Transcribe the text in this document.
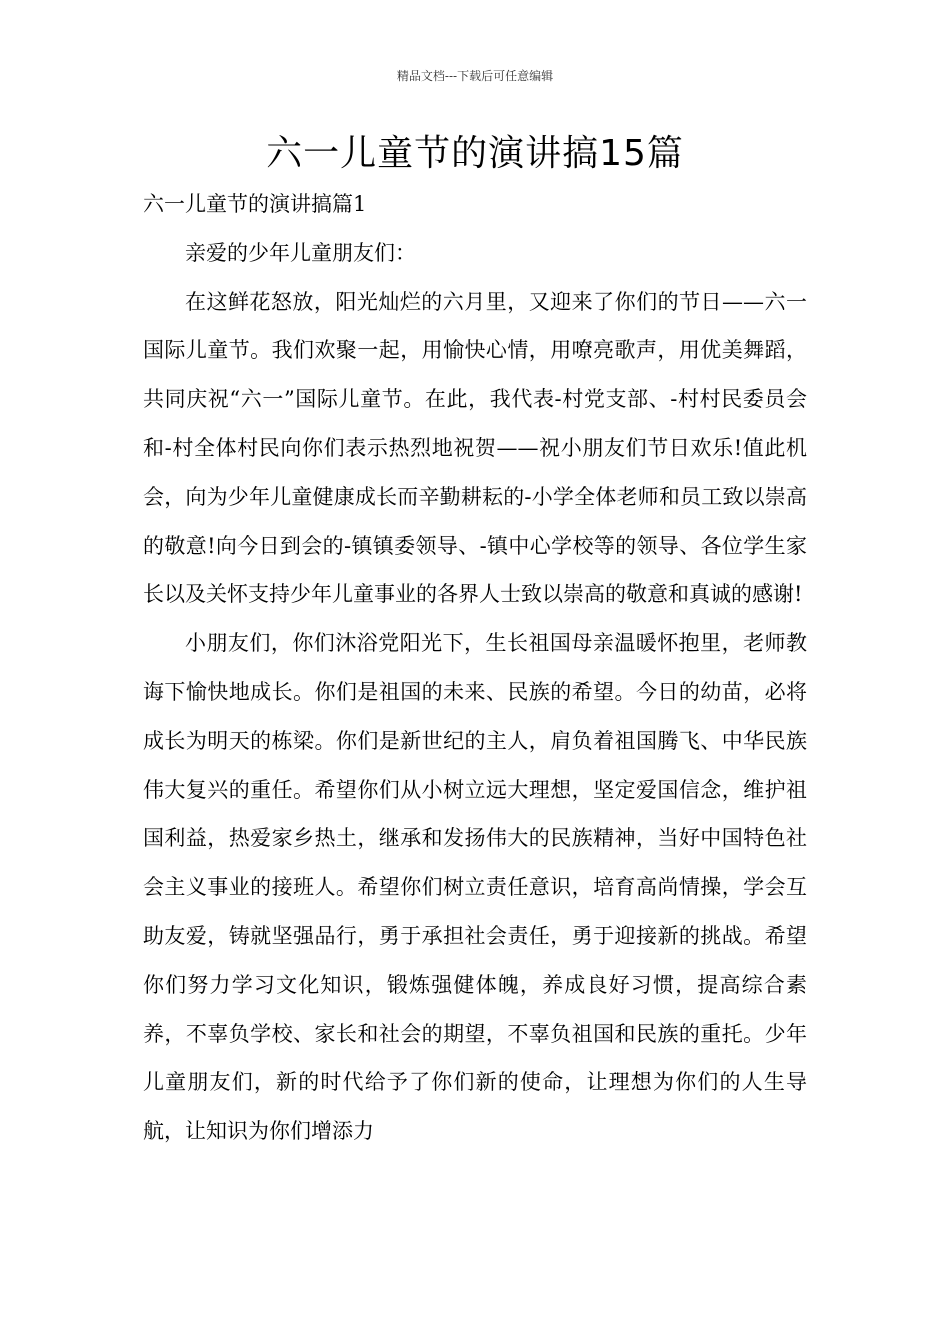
精品文档---下载后可任意编辑
六一儿童节的演讲搞15篇
六一儿童节的演讲搞篇1

亲爱的少年儿童朋友们：

在这鲜花怒放，阳光灿烂的六月里，又迎来了你们的节日——六一国际儿童节。我们欢聚一起，用愉快心情，用嘹亮歌声，用优美舞蹈，共同庆祝“六一”国际儿童节。在此，我代表-村党支部、-村村民委员会和-村全体村民向你们表示热烈地祝贺——祝小朋友们节日欢乐!值此机会，向为少年儿童健康成长而辛勤耕耘的-小学全体老师和员工致以崇高的敬意!向今日到会的-镇镇委领导、-镇中心学校等的领导、各位学生家长以及关怀支持少年儿童事业的各界人士致以崇高的敬意和真诚的感谢!

小朋友们，你们沐浴党阳光下，生长祖国母亲温暖怀抱里，老师教诲下愉快地成长。你们是祖国的未来、民族的希望。今日的幼苗，必将成长为明天的栋梁。你们是新世纪的主人，肩负着祖国腾飞、中华民族伟大复兴的重任。希望你们从小树立远大理想，坚定爱国信念，维护祖国利益，热爱家乡热土，继承和发扬伟大的民族精神，当好中国特色社会主义事业的接班人。希望你们树立责任意识，培育高尚情操，学会互助友爱，铸就坚强品行，勇于承担社会责任，勇于迎接新的挑战。希望你们努力学习文化知识，锻炼强健体魄，养成良好习惯，提高综合素养，不辜负学校、家长和社会的期望，不辜负祖国和民族的重托。少年儿童朋友们，新的时代给予了你们新的使命，让理想为你们的人生导航，让知识为你们增添力
